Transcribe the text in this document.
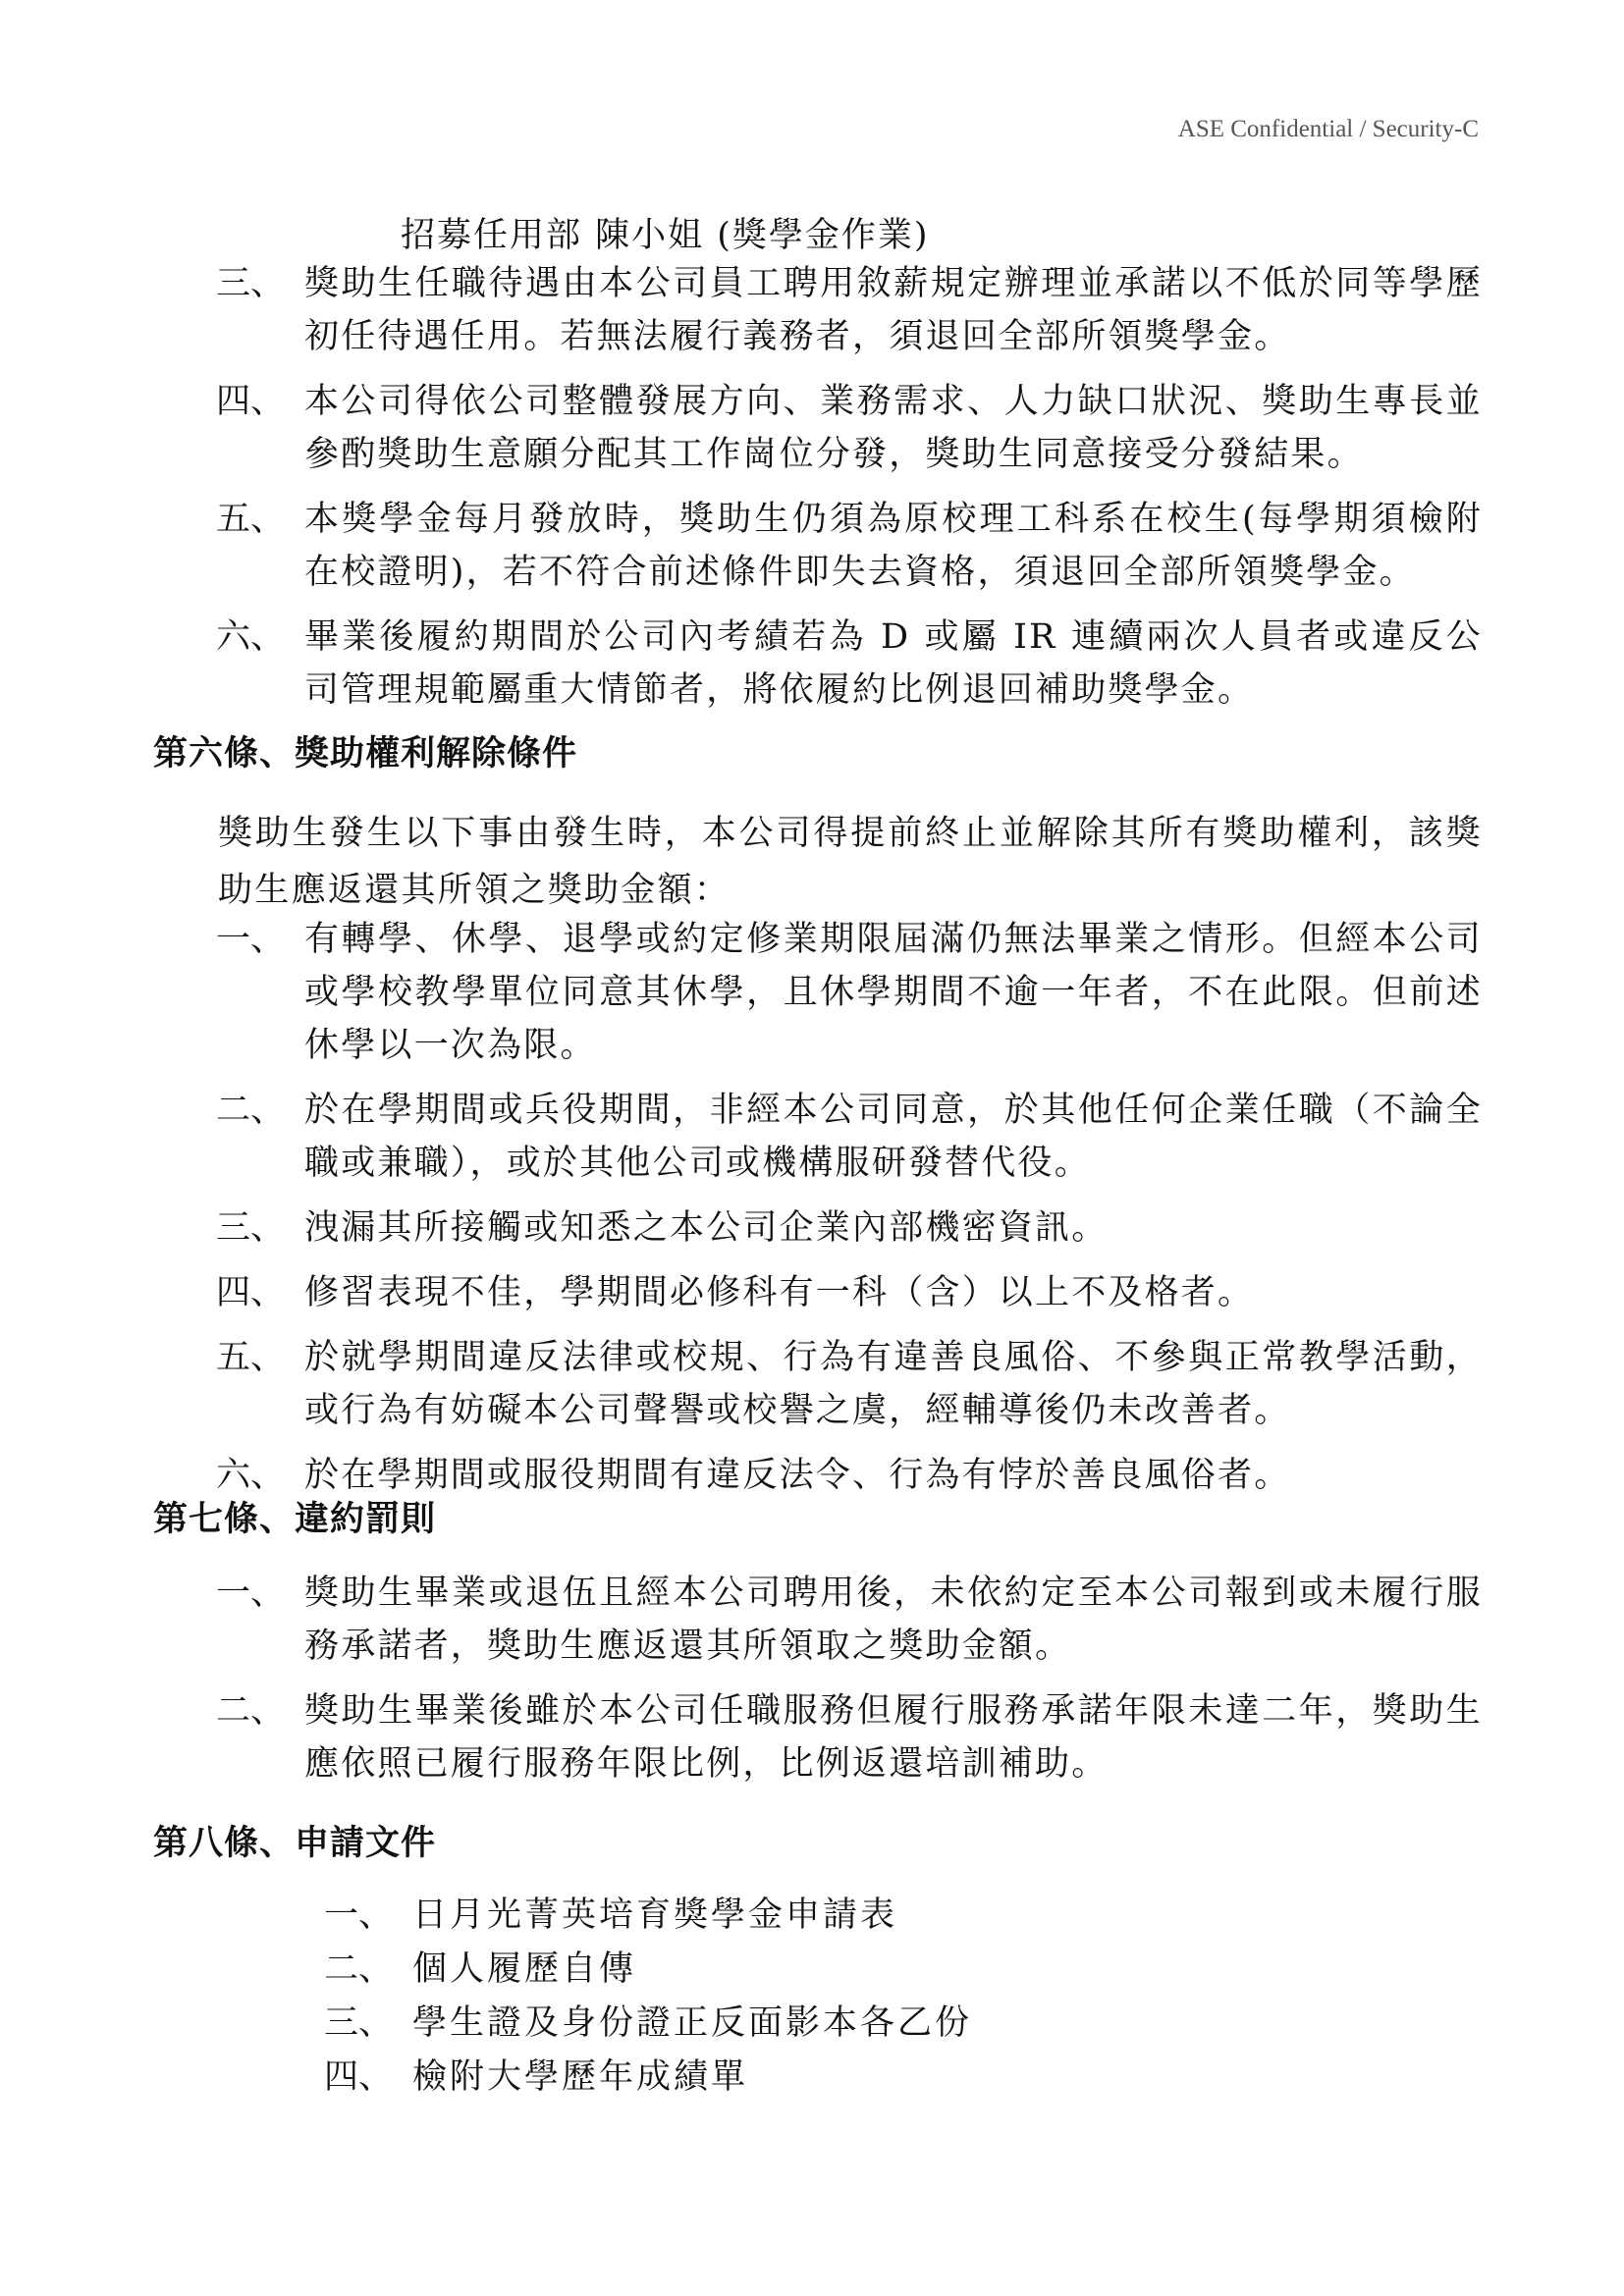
ASE Confidential / Security-C
招募任用部 陳小姐 (獎學金作業)
三、 獎助生任職待遇由本公司員工聘用敘薪規定辦理並承諾以不低於同等學歷初任待遇任用。若無法履行義務者，須退回全部所領獎學金。
四、 本公司得依公司整體發展方向、業務需求、人力缺口狀況、獎助生專長並參酌獎助生意願分配其工作崗位分發，獎助生同意接受分發結果。
五、 本獎學金每月發放時，獎助生仍須為原校理工科系在校生(每學期須檢附在校證明)，若不符合前述條件即失去資格，須退回全部所領獎學金。
六、 畢業後履約期間於公司內考績若為 D 或屬 IR 連續兩次人員者或違反公司管理規範屬重大情節者，將依履約比例退回補助獎學金。
第六條、獎助權利解除條件
獎助生發生以下事由發生時，本公司得提前終止並解除其所有獎助權利，該獎助生應返還其所領之獎助金額：
一、 有轉學、休學、退學或約定修業期限屆滿仍無法畢業之情形。但經本公司或學校教學單位同意其休學，且休學期間不逾一年者，不在此限。但前述休學以一次為限。
二、 於在學期間或兵役期間，非經本公司同意，於其他任何企業任職（不論全職或兼職），或於其他公司或機構服研發替代役。
三、 洩漏其所接觸或知悉之本公司企業內部機密資訊。
四、 修習表現不佳，學期間必修科有一科（含）以上不及格者。
五、 於就學期間違反法律或校規、行為有違善良風俗、不參與正常教學活動，或行為有妨礙本公司聲譽或校譽之虞，經輔導後仍未改善者。
六、 於在學期間或服役期間有違反法令、行為有悖於善良風俗者。
第七條、違約罰則
一、 獎助生畢業或退伍且經本公司聘用後，未依約定至本公司報到或未履行服務承諾者，獎助生應返還其所領取之獎助金額。
二、 獎助生畢業後雖於本公司任職服務但履行服務承諾年限未達二年，獎助生應依照已履行服務年限比例，比例返還培訓補助。
第八條、申請文件
一、 日月光菁英培育獎學金申請表
二、 個人履歷自傳
三、 學生證及身份證正反面影本各乙份
四、 檢附大學歷年成績單
